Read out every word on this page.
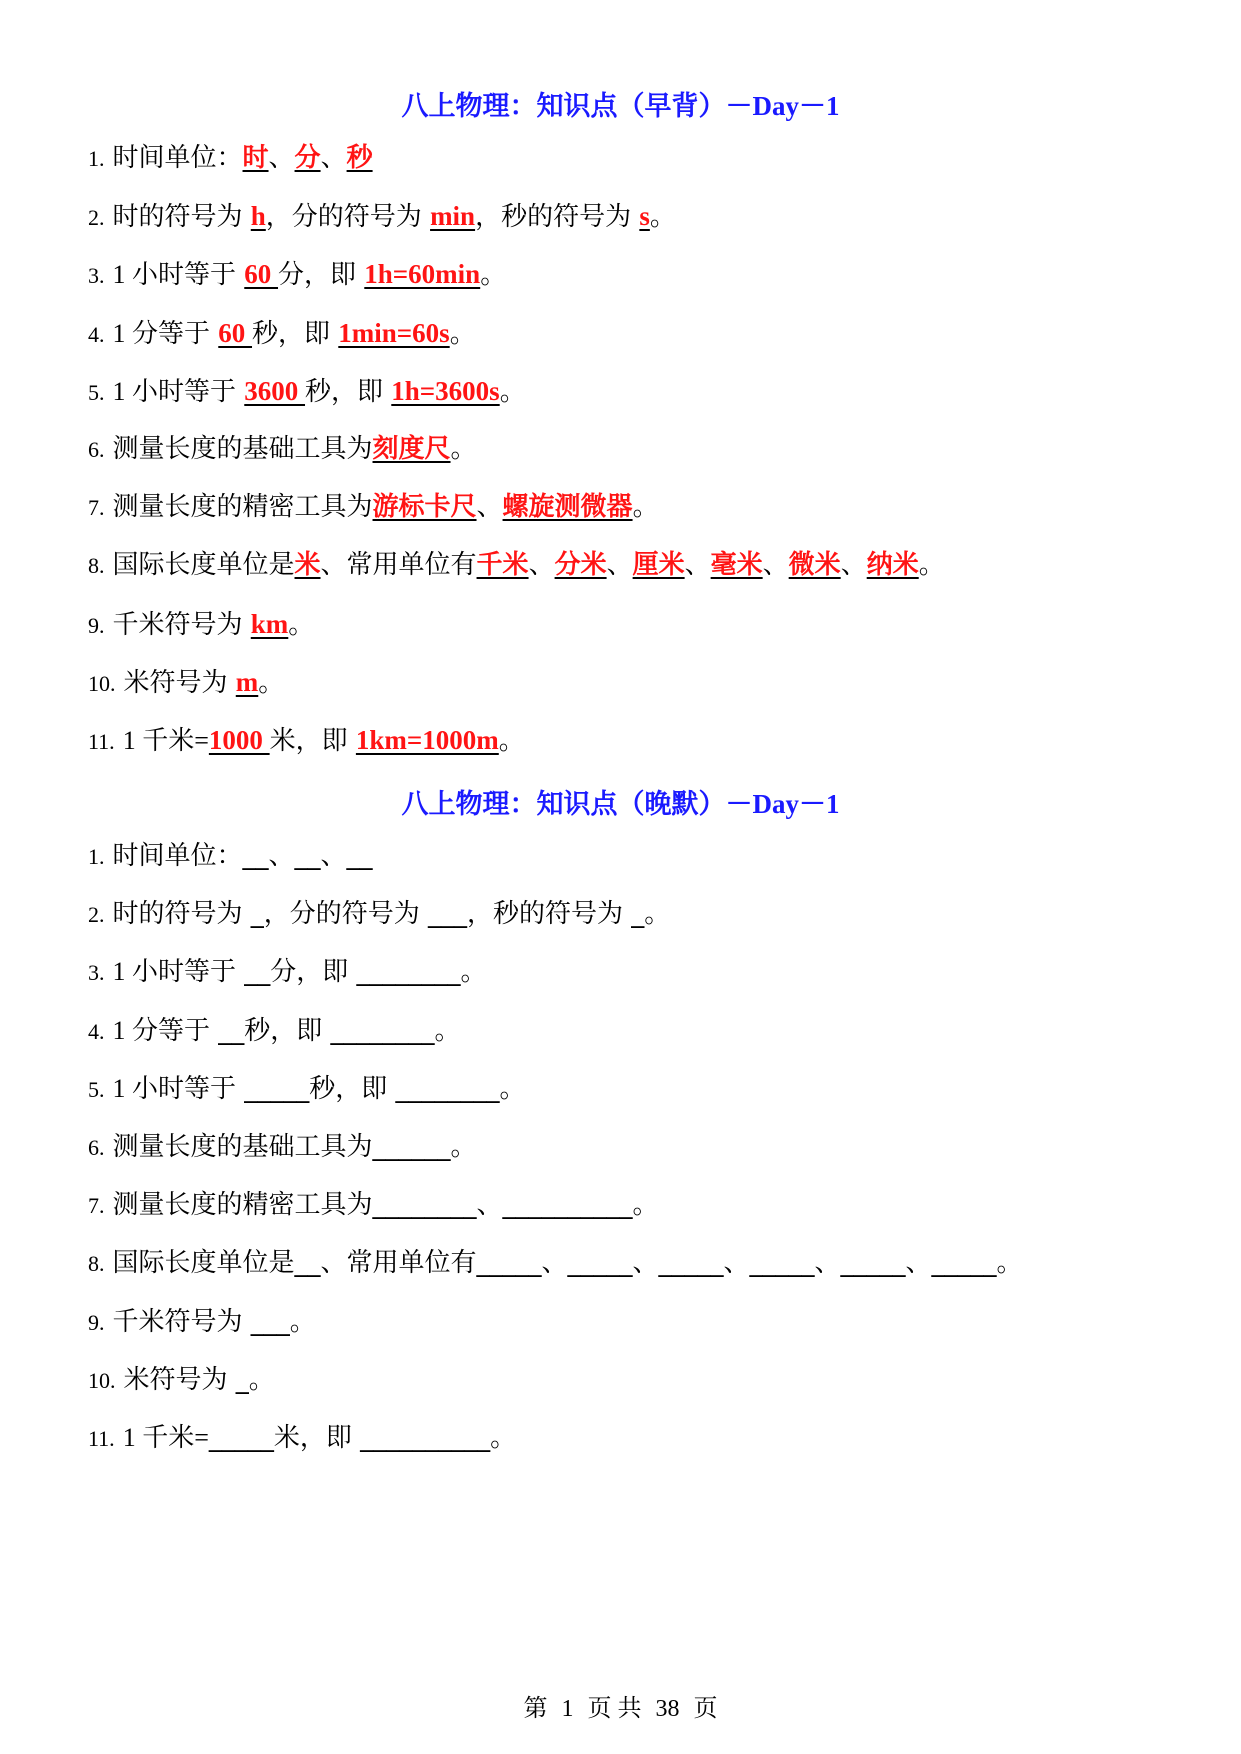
八上物理：知识点（早背）－Day－1
1. 时间单位：时、分、秒
2. 时的符号为 h，分的符号为 min，秒的符号为 s。
3. 1 小时等于 60 分，即 1h=60min。
4. 1 分等于 60 秒，即 1min=60s。
5. 1 小时等于 3600 秒，即 1h=3600s。
6. 测量长度的基础工具为刻度尺。
7. 测量长度的精密工具为游标卡尺、螺旋测微器。
8. 国际长度单位是米、常用单位有千米、分米、厘米、毫米、微米、纳米。
9. 千米符号为 km。
10. 米符号为 m。
11. 1 千米=1000 米，即 1km=1000m。
八上物理：知识点（晚默）－Day－1
1. 时间单位：__、__、__
2. 时的符号为 _，分的符号为 ___，秒的符号为 _。
3. 1 小时等于 __分，即 ________。
4. 1 分等于 __秒，即 ________。
5. 1 小时等于 _____秒，即 ________。
6. 测量长度的基础工具为______。
7. 测量长度的精密工具为________、__________。
8. 国际长度单位是__、常用单位有_____、_____、_____、_____、_____、_____。
9. 千米符号为 ___。
10. 米符号为 _。
11. 1 千米=_____米，即 __________。
第 1 页 共 38 页
